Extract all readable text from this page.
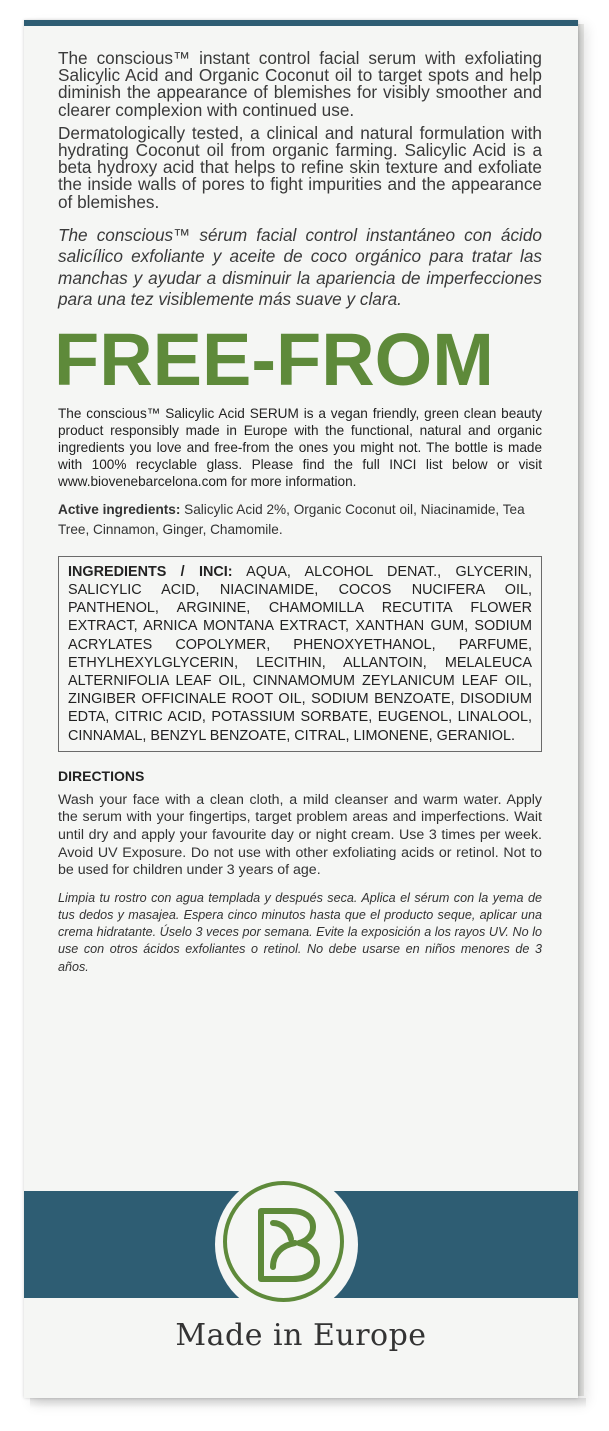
The conscious™ instant control facial serum with exfoliating Salicylic Acid and Organic Coconut oil to target spots and help diminish the appearance of blemishes for visibly smoother and clearer complexion with continued use.

Dermatologically tested, a clinical and natural formulation with hydrating Coconut oil from organic farming. Salicylic Acid is a beta hydroxy acid that helps to refine skin texture and exfoliate the inside walls of pores to fight impurities and the appearance of blemishes.

The conscious™ sérum facial control instantáneo con ácido salicílico exfoliante y aceite de coco orgánico para tratar las manchas y ayudar a disminuir la apariencia de imperfecciones para una tez visiblemente más suave y clara.

FREE-FROM

The conscious™ Salicylic Acid SERUM is a vegan friendly, green clean beauty product responsibly made in Europe with the functional, natural and organic ingredients you love and free-from the ones you might not. The bottle is made with 100% recyclable glass. Please find the full INCI list below or visit www.biovenebarcelona.com for more information.

Active ingredients: Salicylic Acid 2%, Organic Coconut oil, Niacinamide, Tea Tree, Cinnamon, Ginger, Chamomile.

INGREDIENTS / INCI: AQUA, ALCOHOL DENAT., GLYCERIN, SALICYLIC ACID, NIACINAMIDE, COCOS NUCIFERA OIL, PANTHENOL, ARGININE, CHAMOMILLA RECUTITA FLOWER EXTRACT, ARNICA MONTANA EXTRACT, XANTHAN GUM, SODIUM ACRYLATES COPOLYMER, PHENOXYETHANOL, PARFUME, ETHYLHEXYLGLYCERIN, LECITHIN, ALLANTOIN, MELALEUCA ALTERNIFOLIA LEAF OIL, CINNAMOMUM ZEYLANICUM LEAF OIL, ZINGIBER OFFICINALE ROOT OIL, SODIUM BENZOATE, DISODIUM EDTA, CITRIC ACID, POTASSIUM SORBATE, EUGENOL, LINALOOL, CINNAMAL, BENZYL BENZOATE, CITRAL, LIMONENE, GERANIOL.
DIRECTIONS

Wash your face with a clean cloth, a mild cleanser and warm water. Apply the serum with your fingertips, target problem areas and imperfections. Wait until dry and apply your favourite day or night cream. Use 3 times per week. Avoid UV Exposure. Do not use with other exfoliating acids or retinol. Not to be used for children under 3 years of age.

Limpia tu rostro con agua templada y después seca. Aplica el sérum con la yema de tus dedos y masajea. Espera cinco minutos hasta que el producto seque, aplicar una crema hidratante. Úselo 3 veces por semana. Evite la exposición a los rayos UV. No lo use con otros ácidos exfoliantes o retinol. No debe usarse en niños menores de 3 años.

Made in Europe
